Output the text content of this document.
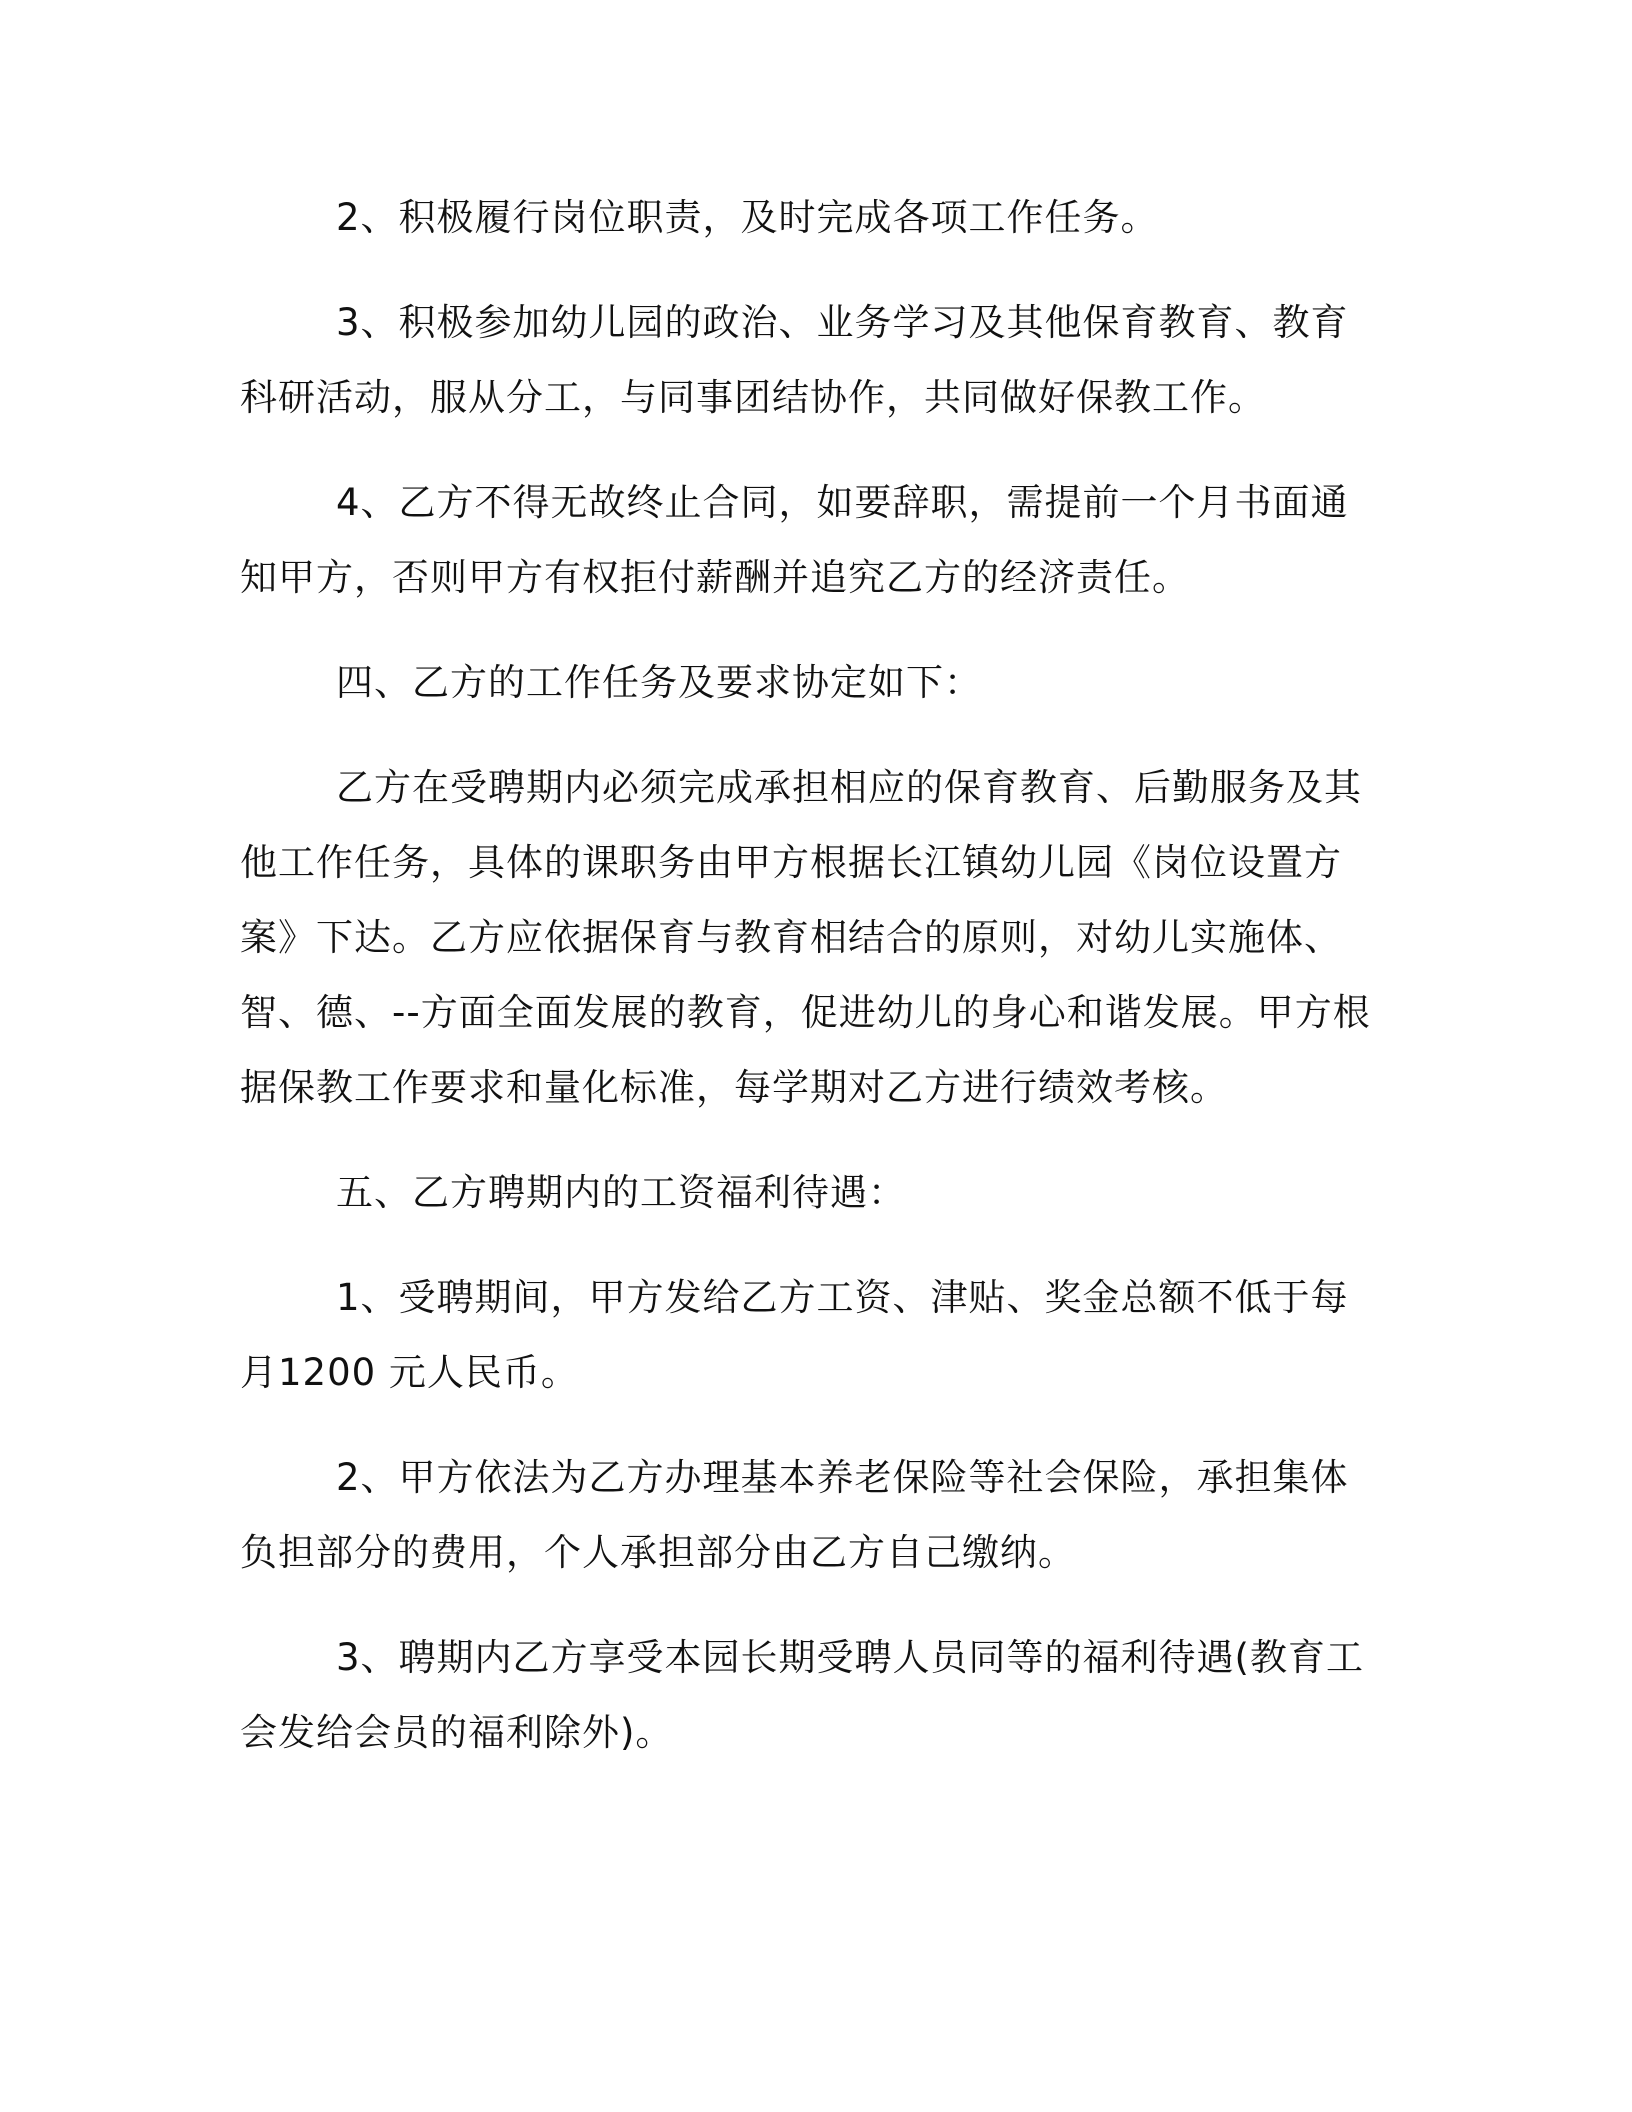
2、积极履行岗位职责，及时完成各项工作任务。

3、积极参加幼儿园的政治、业务学习及其他保育教育、教育科研活动，服从分工，与同事团结协作，共同做好保教工作。

4、乙方不得无故终止合同，如要辞职，需提前一个月书面通知甲方，否则甲方有权拒付薪酬并追究乙方的经济责任。

四、乙方的工作任务及要求协定如下：

乙方在受聘期内必须完成承担相应的保育教育、后勤服务及其他工作任务，具体的课职务由甲方根据长江镇幼儿园《岗位设置方案》下达。乙方应依据保育与教育相结合的原则，对幼儿实施体、智、德、--方面全面发展的教育，促进幼儿的身心和谐发展。甲方根据保教工作要求和量化标准，每学期对乙方进行绩效考核。

五、乙方聘期内的工资福利待遇：

1、受聘期间，甲方发给乙方工资、津贴、奖金总额不低于每月1200 元人民币。

2、甲方依法为乙方办理基本养老保险等社会保险，承担集体负担部分的费用，个人承担部分由乙方自己缴纳。

3、聘期内乙方享受本园长期受聘人员同等的福利待遇(教育工会发给会员的福利除外)。
